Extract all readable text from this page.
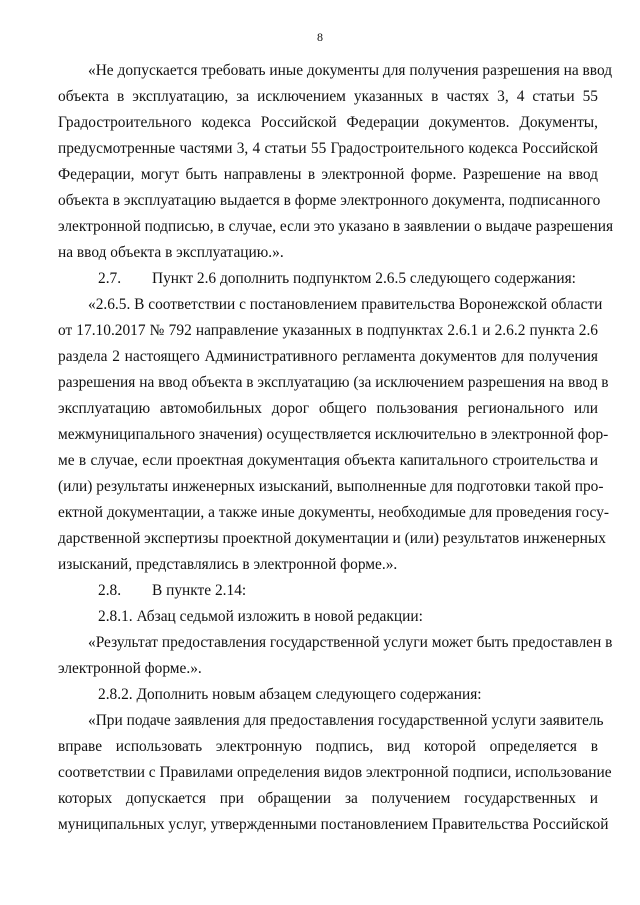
8
«Не допускается требовать иные документы для получения разрешения на ввод
объекта в эксплуатацию, за исключением указанных в частях 3, 4 статьи 55
Градостроительного кодекса Российской Федерации документов. Документы,
предусмотренные частями 3, 4 статьи 55 Градостроительного кодекса Российской
Федерации, могут быть направлены в электронной форме. Разрешение на ввод
объекта в эксплуатацию выдается в форме электронного документа, подписанного
электронной подписью, в случае, если это указано в заявлении о выдаче разрешения
на ввод объекта в эксплуатацию.».
2.7. Пункт 2.6 дополнить подпунктом 2.6.5 следующего содержания:
«2.6.5. В соответствии с постановлением правительства Воронежской области
от 17.10.2017 № 792 направление указанных в подпунктах 2.6.1 и 2.6.2 пункта 2.6
раздела 2 настоящего Административного регламента документов для получения
разрешения на ввод объекта в эксплуатацию (за исключением разрешения на ввод в
эксплуатацию автомобильных дорог общего пользования регионального или
межмуниципального значения) осуществляется исключительно в электронной фор-
ме в случае, если проектная документация объекта капитального строительства и
(или) результаты инженерных изысканий, выполненные для подготовки такой про-
ектной документации, а также иные документы, необходимые для проведения госу-
дарственной экспертизы проектной документации и (или) результатов инженерных
изысканий, представлялись в электронной форме.».
2.8. В пункте 2.14:
2.8.1. Абзац седьмой изложить в новой редакции:
«Результат предоставления государственной услуги может быть предоставлен в
электронной форме.».
2.8.2. Дополнить новым абзацем следующего содержания:
«При подаче заявления для предоставления государственной услуги заявитель
вправе использовать электронную подпись, вид которой определяется в
соответствии с Правилами определения видов электронной подписи, использование
которых допускается при обращении за получением государственных и
муниципальных услуг, утвержденными постановлением Правительства Российской
